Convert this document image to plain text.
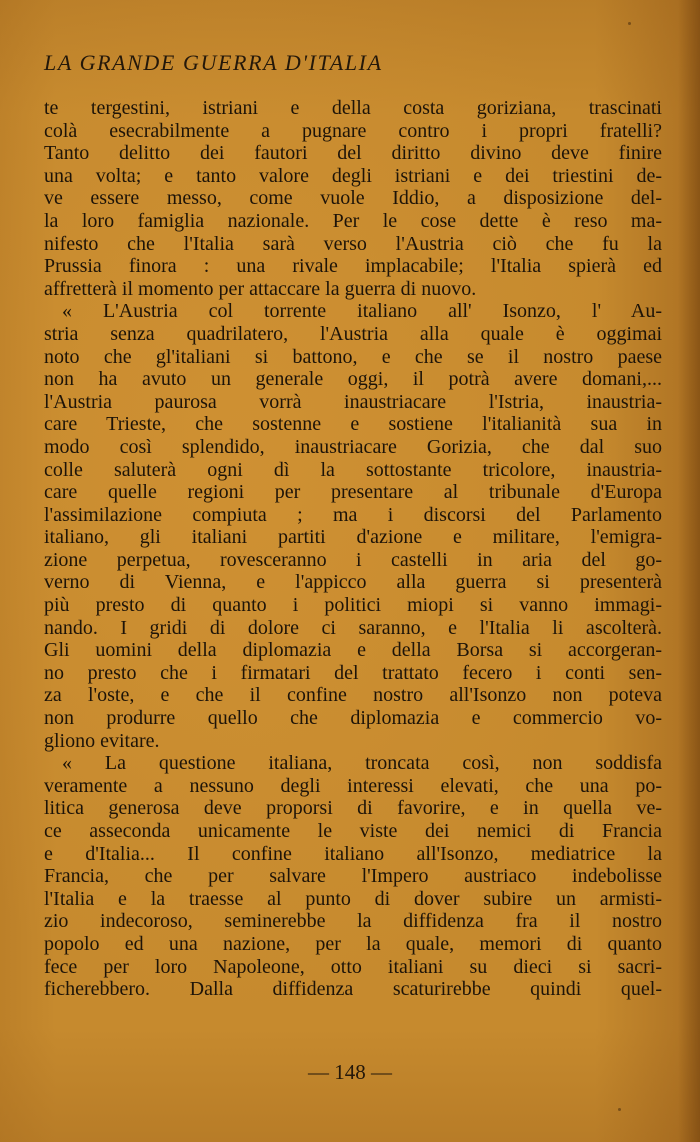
LA GRANDE GUERRA D'ITALIA
te tergestini, istriani e della costa goriziana, trascinati
colà esecrabilmente a pugnare contro i propri fratelli?
Tanto delitto dei fautori del diritto divino deve finire
una volta; e tanto valore degli istriani e dei triestini de-
ve essere messo, come vuole Iddio, a disposizione del-
la loro famiglia nazionale. Per le cose dette è reso ma-
nifesto che l'Italia sarà verso l'Austria ciò che fu la
Prussia finora : una rivale implacabile; l'Italia spierà ed
affretterà il momento per attaccare la guerra di nuovo.
« L'Austria col torrente italiano all' Isonzo, l' Au-
stria senza quadrilatero, l'Austria alla quale è oggimai
noto che gl'italiani si battono, e che se il nostro paese
non ha avuto un generale oggi, il potrà avere domani,...
l'Austria paurosa vorrà inaustriacare l'Istria, inaustria-
care Trieste, che sostenne e sostiene l'italianità sua in
modo così splendido, inaustriacare Gorizia, che dal suo
colle saluterà ogni dì la sottostante tricolore, inaustria-
care quelle regioni per presentare al tribunale d'Europa
l'assimilazione compiuta ; ma i discorsi del Parlamento
italiano, gli italiani partiti d'azione e militare, l'emigra-
zione perpetua, rovesceranno i castelli in aria del go-
verno di Vienna, e l'appicco alla guerra si presenterà
più presto di quanto i politici miopi si vanno immagi-
nando. I gridi di dolore ci saranno, e l'Italia li ascolterà.
Gli uomini della diplomazia e della Borsa si accorgeran-
no presto che i firmatari del trattato fecero i conti sen-
za l'oste, e che il confine nostro all'Isonzo non poteva
non produrre quello che diplomazia e commercio vo-
gliono evitare.
« La questione italiana, troncata così, non soddisfa
veramente a nessuno degli interessi elevati, che una po-
litica generosa deve proporsi di favorire, e in quella ve-
ce asseconda unicamente le viste dei nemici di Francia
e d'Italia... Il confine italiano all'Isonzo, mediatrice la
Francia, che per salvare l'Impero austriaco indebolisse
l'Italia e la traesse al punto di dover subire un armisti-
zio indecoroso, seminerebbe la diffidenza fra il nostro
popolo ed una nazione, per la quale, memori di quanto
fece per loro Napoleone, otto italiani su dieci si sacri-
ficherebbero. Dalla diffidenza scaturirebbe quindi quel-
— 148 —
